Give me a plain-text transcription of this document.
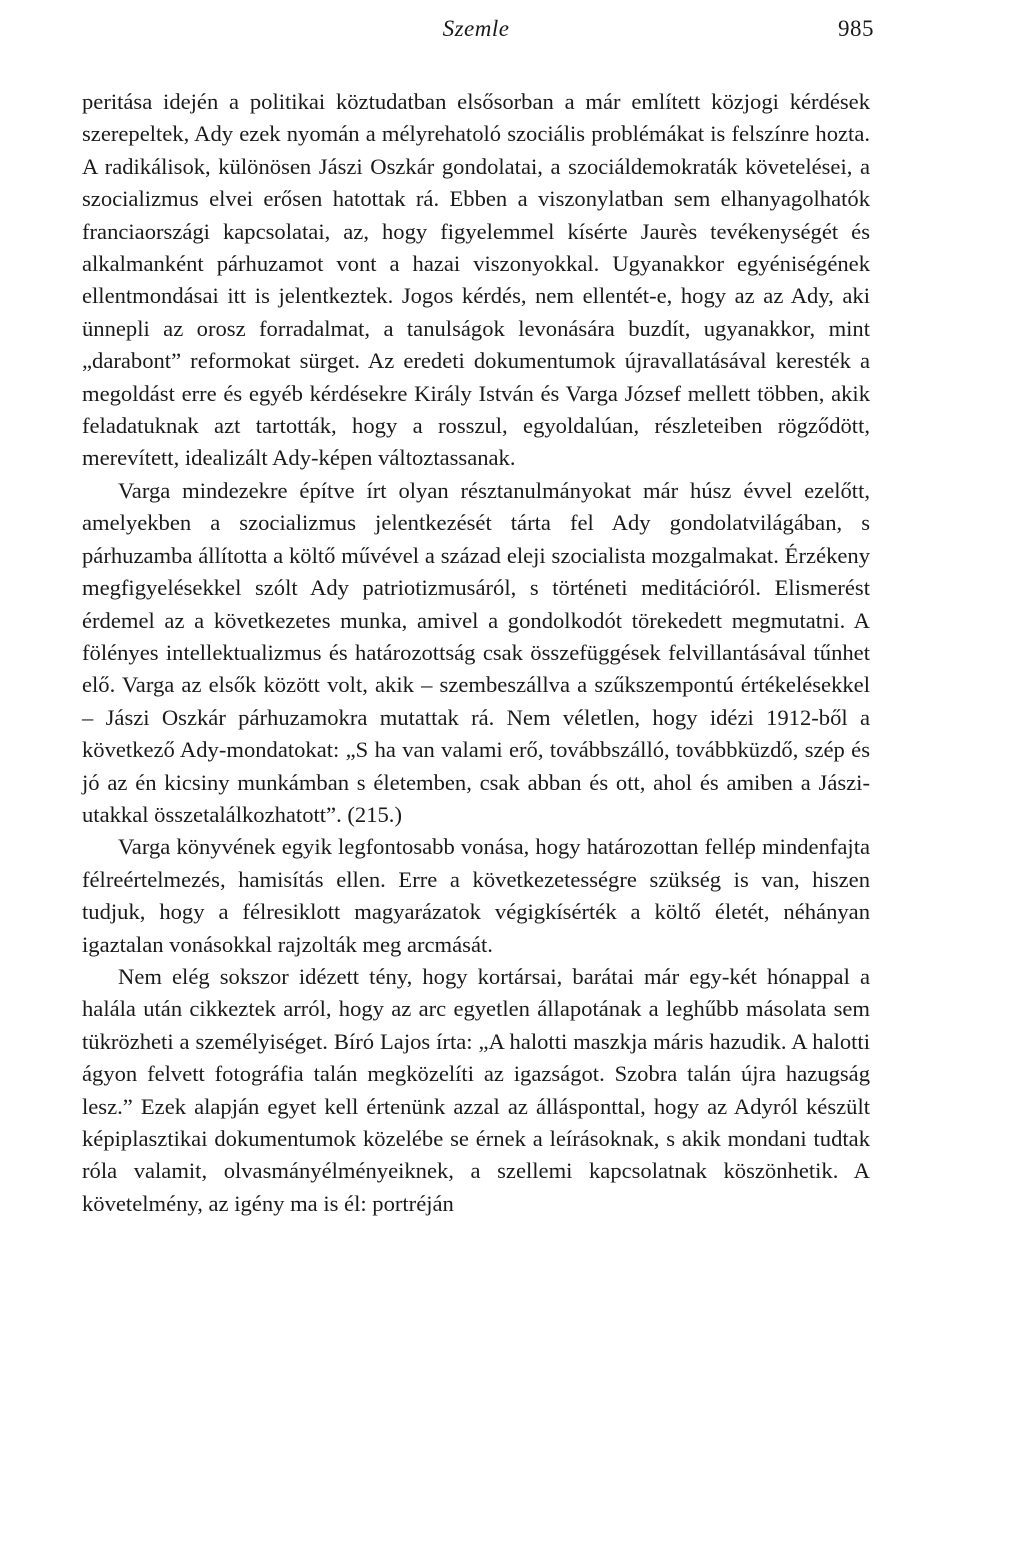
Szemle	985

peritása idején a politikai köztudatban elsősorban a már említett közjogi kérdések szerepeltek, Ady ezek nyomán a mélyrehatoló szociális problémákat is felszínre hozta. A radikálisok, különösen Jászi Oszkár gondolatai, a szociáldemokraták követelései, a szocializmus elvei erősen hatottak rá. Ebben a viszonylatban sem elhanyagolhatók franciaországi kapcsolatai, az, hogy figyelemmel kísérte Jaurès tevékenységét és alkalmanként párhuzamot vont a hazai viszonyokkal. Ugyanakkor egyéniségének ellentmondásai itt is jelentkeztek. Jogos kérdés, nem ellentét-e, hogy az az Ady, aki ünnepli az orosz forradalmat, a tanulságok levonására buzdít, ugyanakkor, mint „darabont” reformokat sürget. Az eredeti dokumentumok újravallatásával keresték a megoldást erre és egyéb kérdésekre Király István és Varga József mellett többen, akik feladatuknak azt tartották, hogy a rosszul, egyoldalúan, részleteiben rögződött, merevített, idealizált Ady-képen változtassanak.

Varga mindezekre építve írt olyan résztanulmányokat már húsz évvel ezelőtt, amelyekben a szocializmus jelentkezését tárta fel Ady gondolatvilágában, s párhuzamba állította a költő művével a század eleji szocialista mozgalmakat. Érzékeny megfigyelésekkel szólt Ady patriotizmusáról, s történeti meditációról. Elismerést érdemel az a következetes munka, amivel a gondolkodót törekedett megmutatni. A fölényes intellektualizmus és határozottság csak összefüggések felvillantásával tűnhet elő. Varga az elsők között volt, akik – szembeszállva a szűkszempontú értékelésekkel – Jászi Oszkár párhuzamokra mutattak rá. Nem véletlen, hogy idézi 1912-ből a következő Ady-mondatokat: „S ha van valami erő, továbbszálló, továbbküzdő, szép és jó az én kicsiny munkámban s életemben, csak abban és ott, ahol és amiben a Jászi-utakkal összetalálkozhatott”. (215.)

Varga könyvének egyik legfontosabb vonása, hogy határozottan fellép mindenfajta félreértelmezés, hamisítás ellen. Erre a következetességre szükség is van, hiszen tudjuk, hogy a félresiklott magyarázatok végigkísérték a költő életét, néhányan igaztalan vonásokkal rajzolták meg arcmását.

Nem elég sokszor idézett tény, hogy kortársai, barátai már egy-két hónappal a halála után cikkeztek arról, hogy az arc egyetlen állapotának a leghűbb másolata sem tükrözheti a személyiséget. Bíró Lajos írta: „A halotti maszkja máris hazudik. A halotti ágyon felvett fotográfia talán megközelíti az igazságot. Szobra talán újra hazugság lesz.” Ezek alapján egyet kell értenünk azzal az állásponttal, hogy az Adyról készült képiplasztikai dokumentumok közelébe se érnek a leírásoknak, s akik mondani tudtak róla valamit, olvasmányélményeiknek, a szellemi kapcsolatnak köszönhetik. A követelmény, az igény ma is él: portréján
